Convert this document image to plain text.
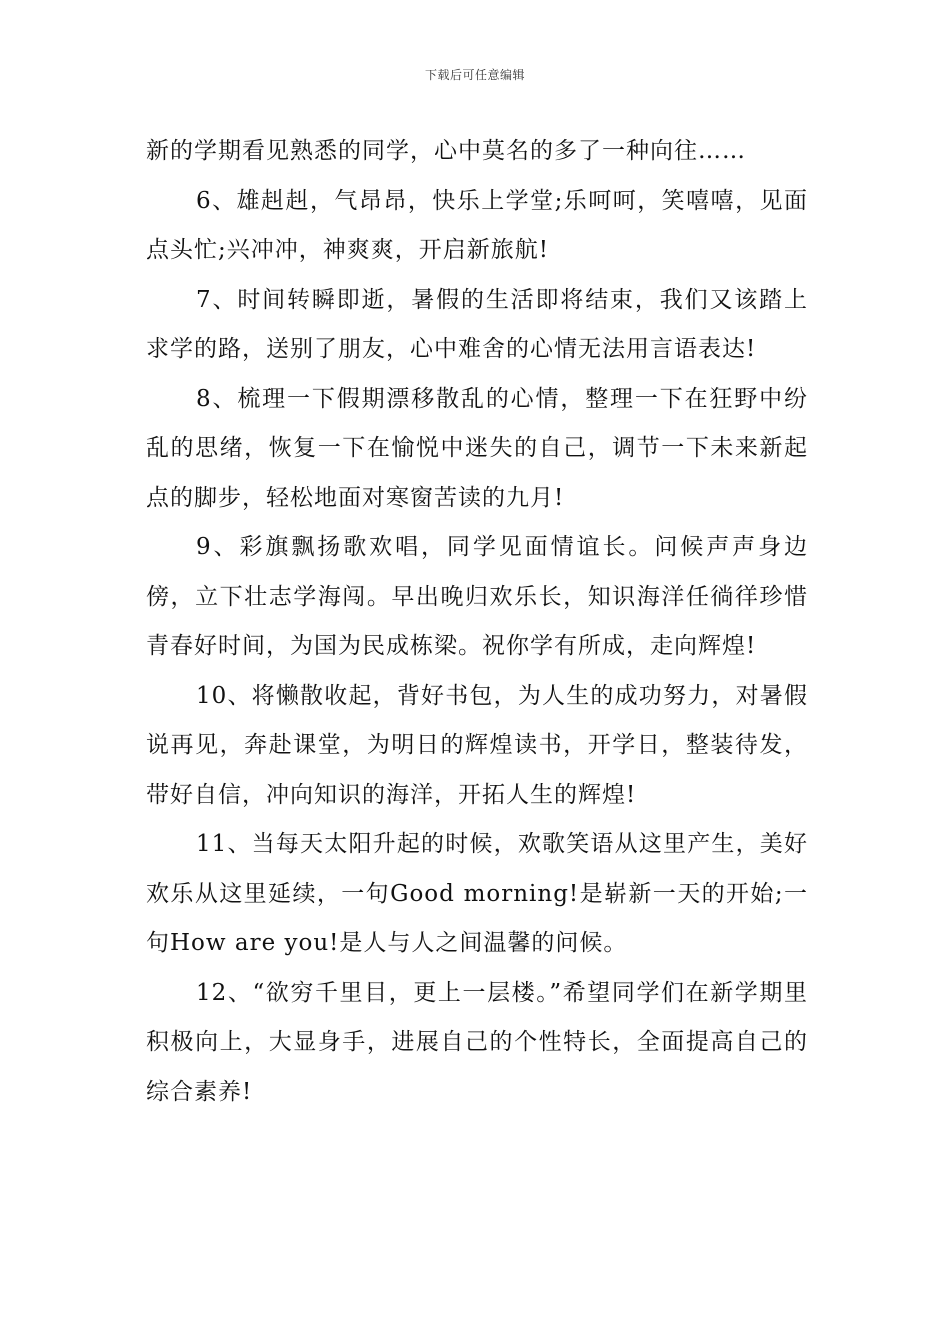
下载后可任意编辑

新的学期看见熟悉的同学，心中莫名的多了一种向往……

6、雄赳赳，气昂昂，快乐上学堂;乐呵呵，笑嘻嘻，见面点头忙;兴冲冲，神爽爽，开启新旅航!

7、时间转瞬即逝，暑假的生活即将结束，我们又该踏上求学的路，送别了朋友，心中难舍的心情无法用言语表达!

8、梳理一下假期漂移散乱的心情，整理一下在狂野中纷乱的思绪，恢复一下在愉悦中迷失的自己，调节一下未来新起点的脚步，轻松地面对寒窗苦读的九月!

9、彩旗飘扬歌欢唱，同学见面情谊长。问候声声身边傍，立下壮志学海闯。早出晚归欢乐长，知识海洋任徜徉珍惜青春好时间，为国为民成栋梁。祝你学有所成，走向辉煌!

10、将懒散收起，背好书包，为人生的成功努力，对暑假说再见，奔赴课堂，为明日的辉煌读书，开学日，整装待发，带好自信，冲向知识的海洋，开拓人生的辉煌!

11、当每天太阳升起的时候，欢歌笑语从这里产生，美好欢乐从这里延续，一句Good morning!是崭新一天的开始;一句How are you!是人与人之间温馨的问候。

12、“欲穷千里目，更上一层楼。”希望同学们在新学期里积极向上，大显身手，进展自己的个性特长，全面提高自己的综合素养!
